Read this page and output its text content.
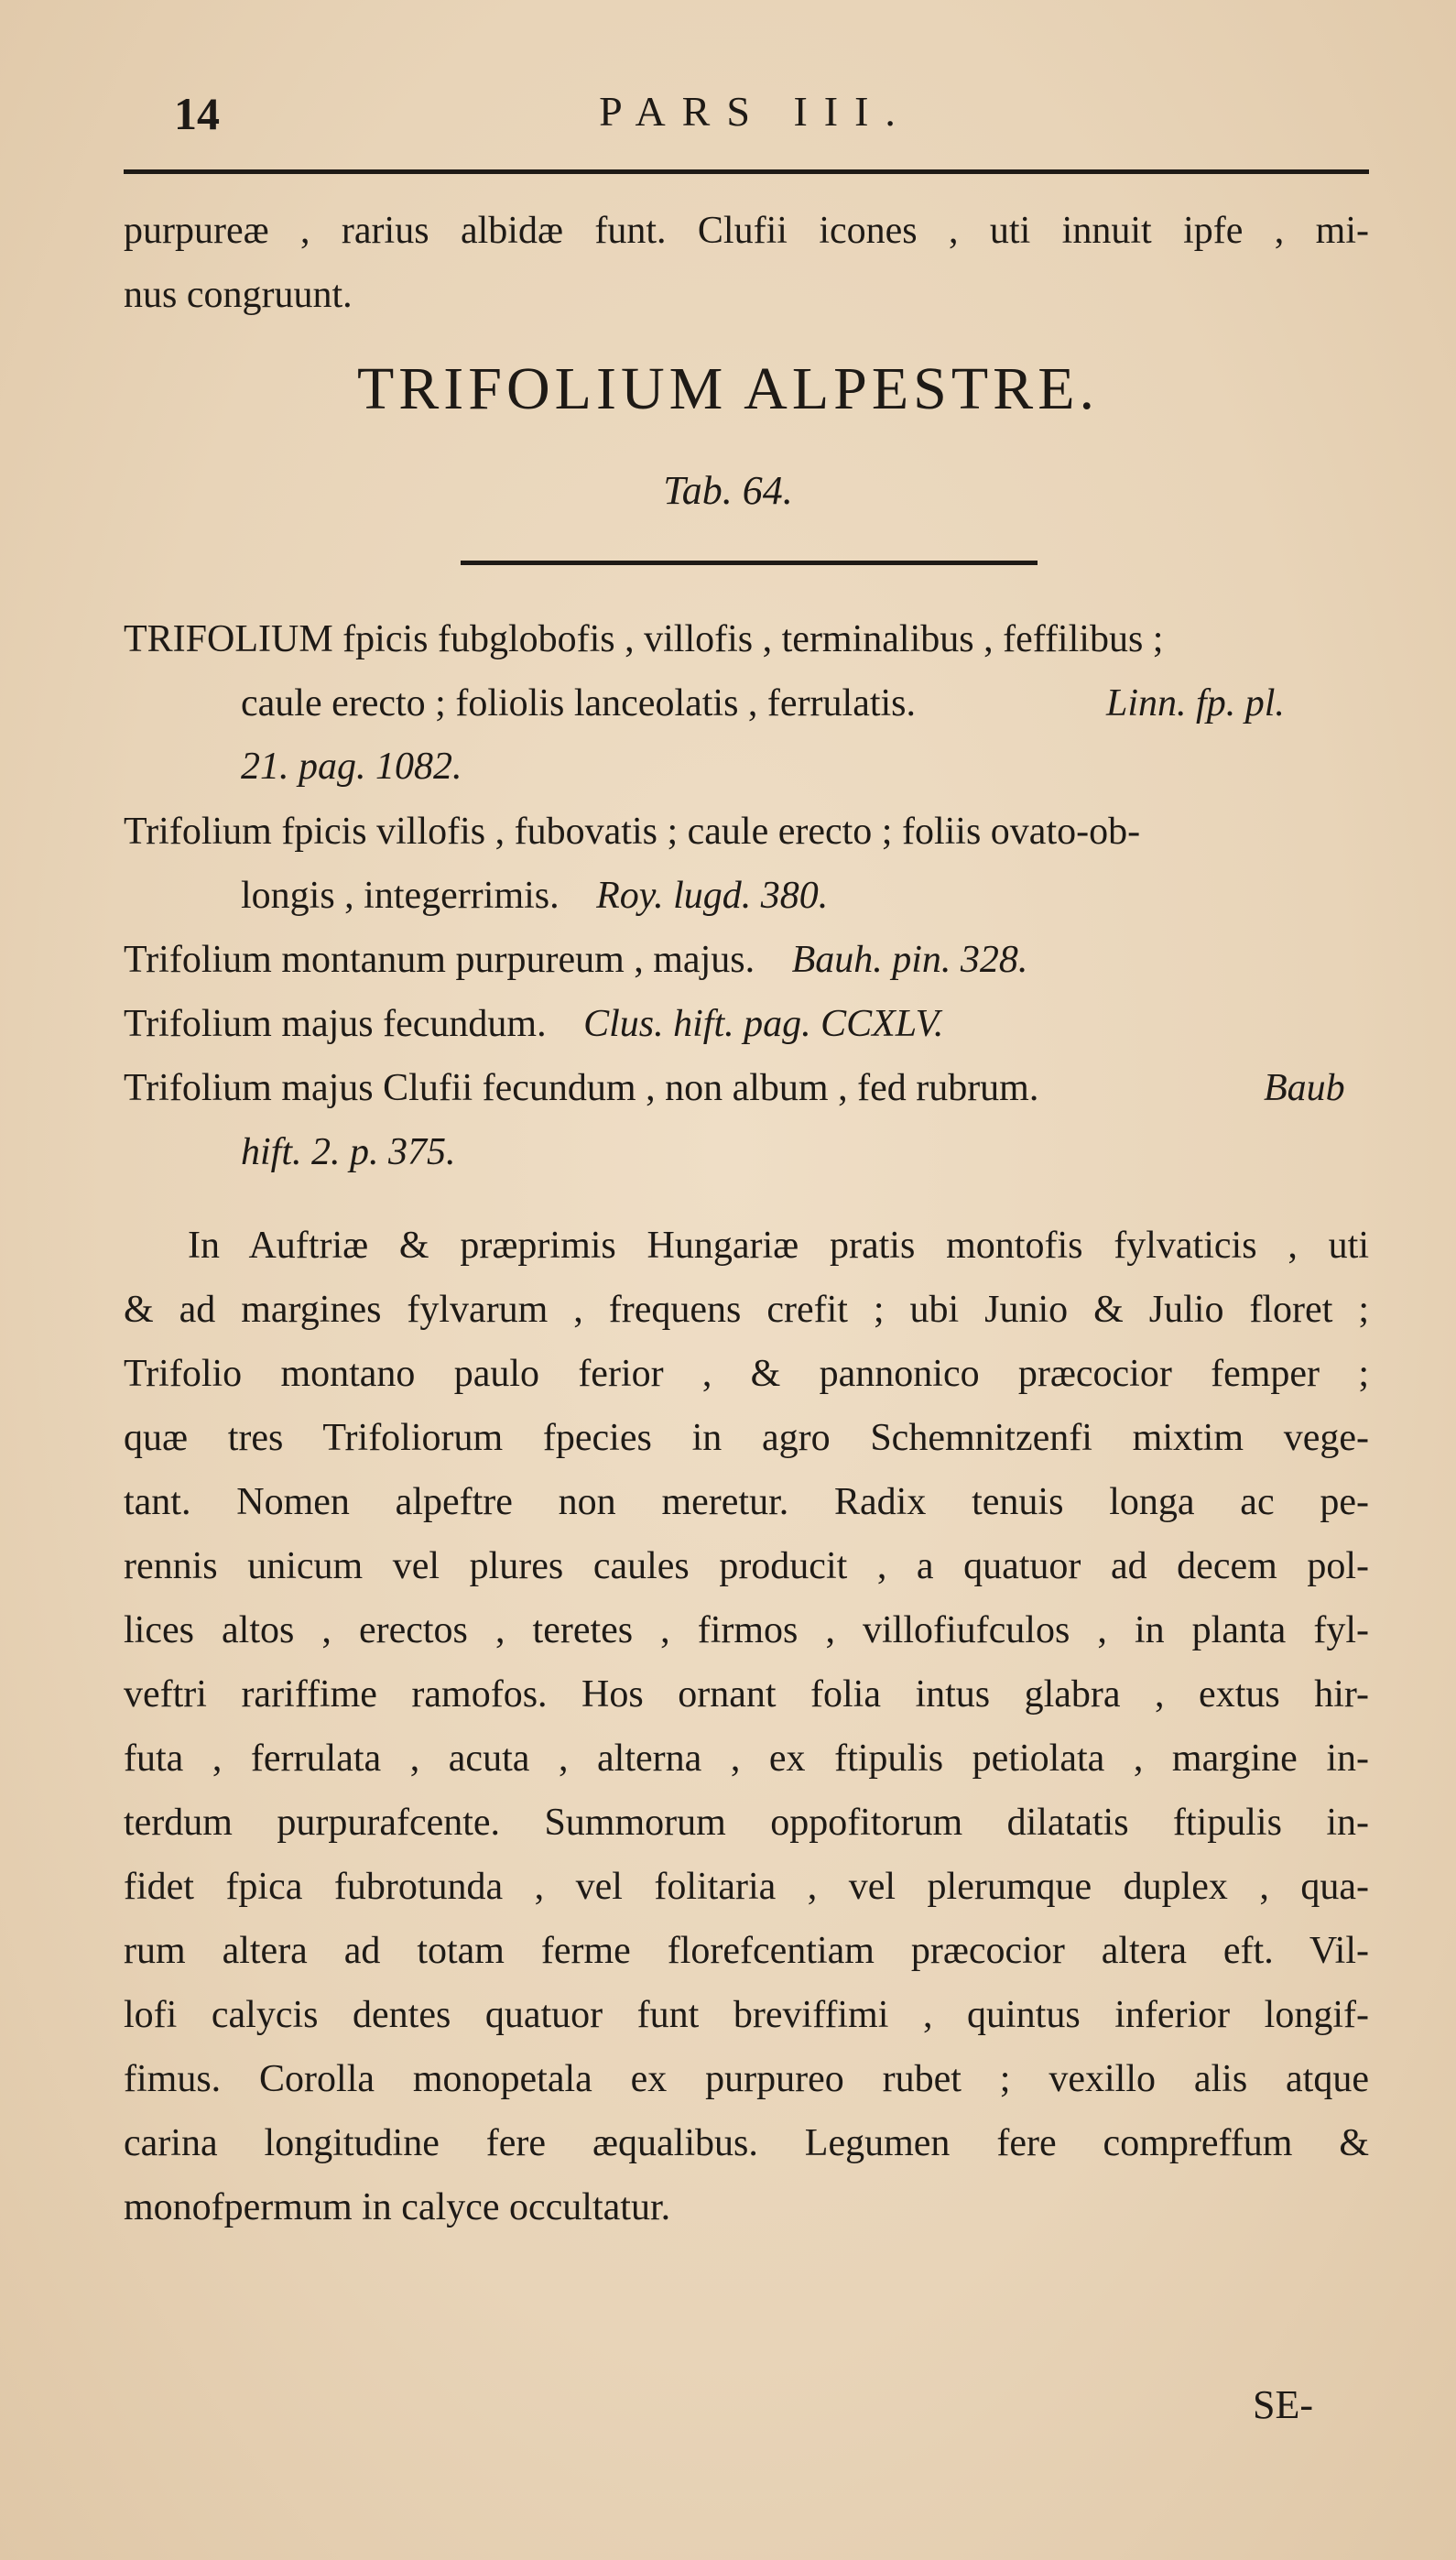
14	PARS III.
purpureæ , rarius albidæ funt. Clufii icones , uti innuit ipfe , mi-
nus congruunt.
TRIFOLIUM ALPESTRE.
Tab. 64.
TRIFOLIUM fpicis fubglobofis , villofis , terminalibus , feffilibus ;
caule erecto ; foliolis lanceolatis , ferrulatis.	Linn. fp. pl.
21. pag. 1082.
Trifolium fpicis villofis , fubovatis ; caule erecto ; foliis ovato-ob-
longis , integerrimis. Roy. lugd. 380.
Trifolium montanum purpureum , majus. Bauh. pin. 328.
Trifolium majus fecundum. Clus. hift. pag. CCXLV.
Trifolium majus Clufii fecundum , non album , fed rubrum.	Baub
hift. 2. p. 375.
In Auftriæ & præprimis Hungariæ pratis montofis fylvaticis , uti
& ad margines fylvarum , frequens crefit ; ubi Junio & Julio floret ;
Trifolio montano paulo ferior , & pannonico præcocior femper ;
quæ tres Trifoliorum fpecies in agro Schemnitzenfi mixtim vege-
tant. Nomen alpeftre non meretur. Radix tenuis longa ac pe-
rennis unicum vel plures caules producit , a quatuor ad decem pol-
lices altos , erectos , teretes , firmos , villofiufculos , in planta fyl-
veftri rariffime ramofos. Hos ornant folia intus glabra , extus hir-
futa , ferrulata , acuta , alterna , ex ftipulis petiolata , margine in-
terdum purpurafcente. Summorum oppofitorum dilatatis ftipulis in-
fidet fpica fubrotunda , vel folitaria , vel plerumque duplex , qua-
rum altera ad totam ferme florefcentiam præcocior altera eft. Vil-
lofi calycis dentes quatuor funt breviffimi , quintus inferior longif-
fimus. Corolla monopetala ex purpureo rubet ; vexillo alis atque
carina longitudine fere æqualibus. Legumen fere compreffum &
monofpermum in calyce occultatur.
SE-
